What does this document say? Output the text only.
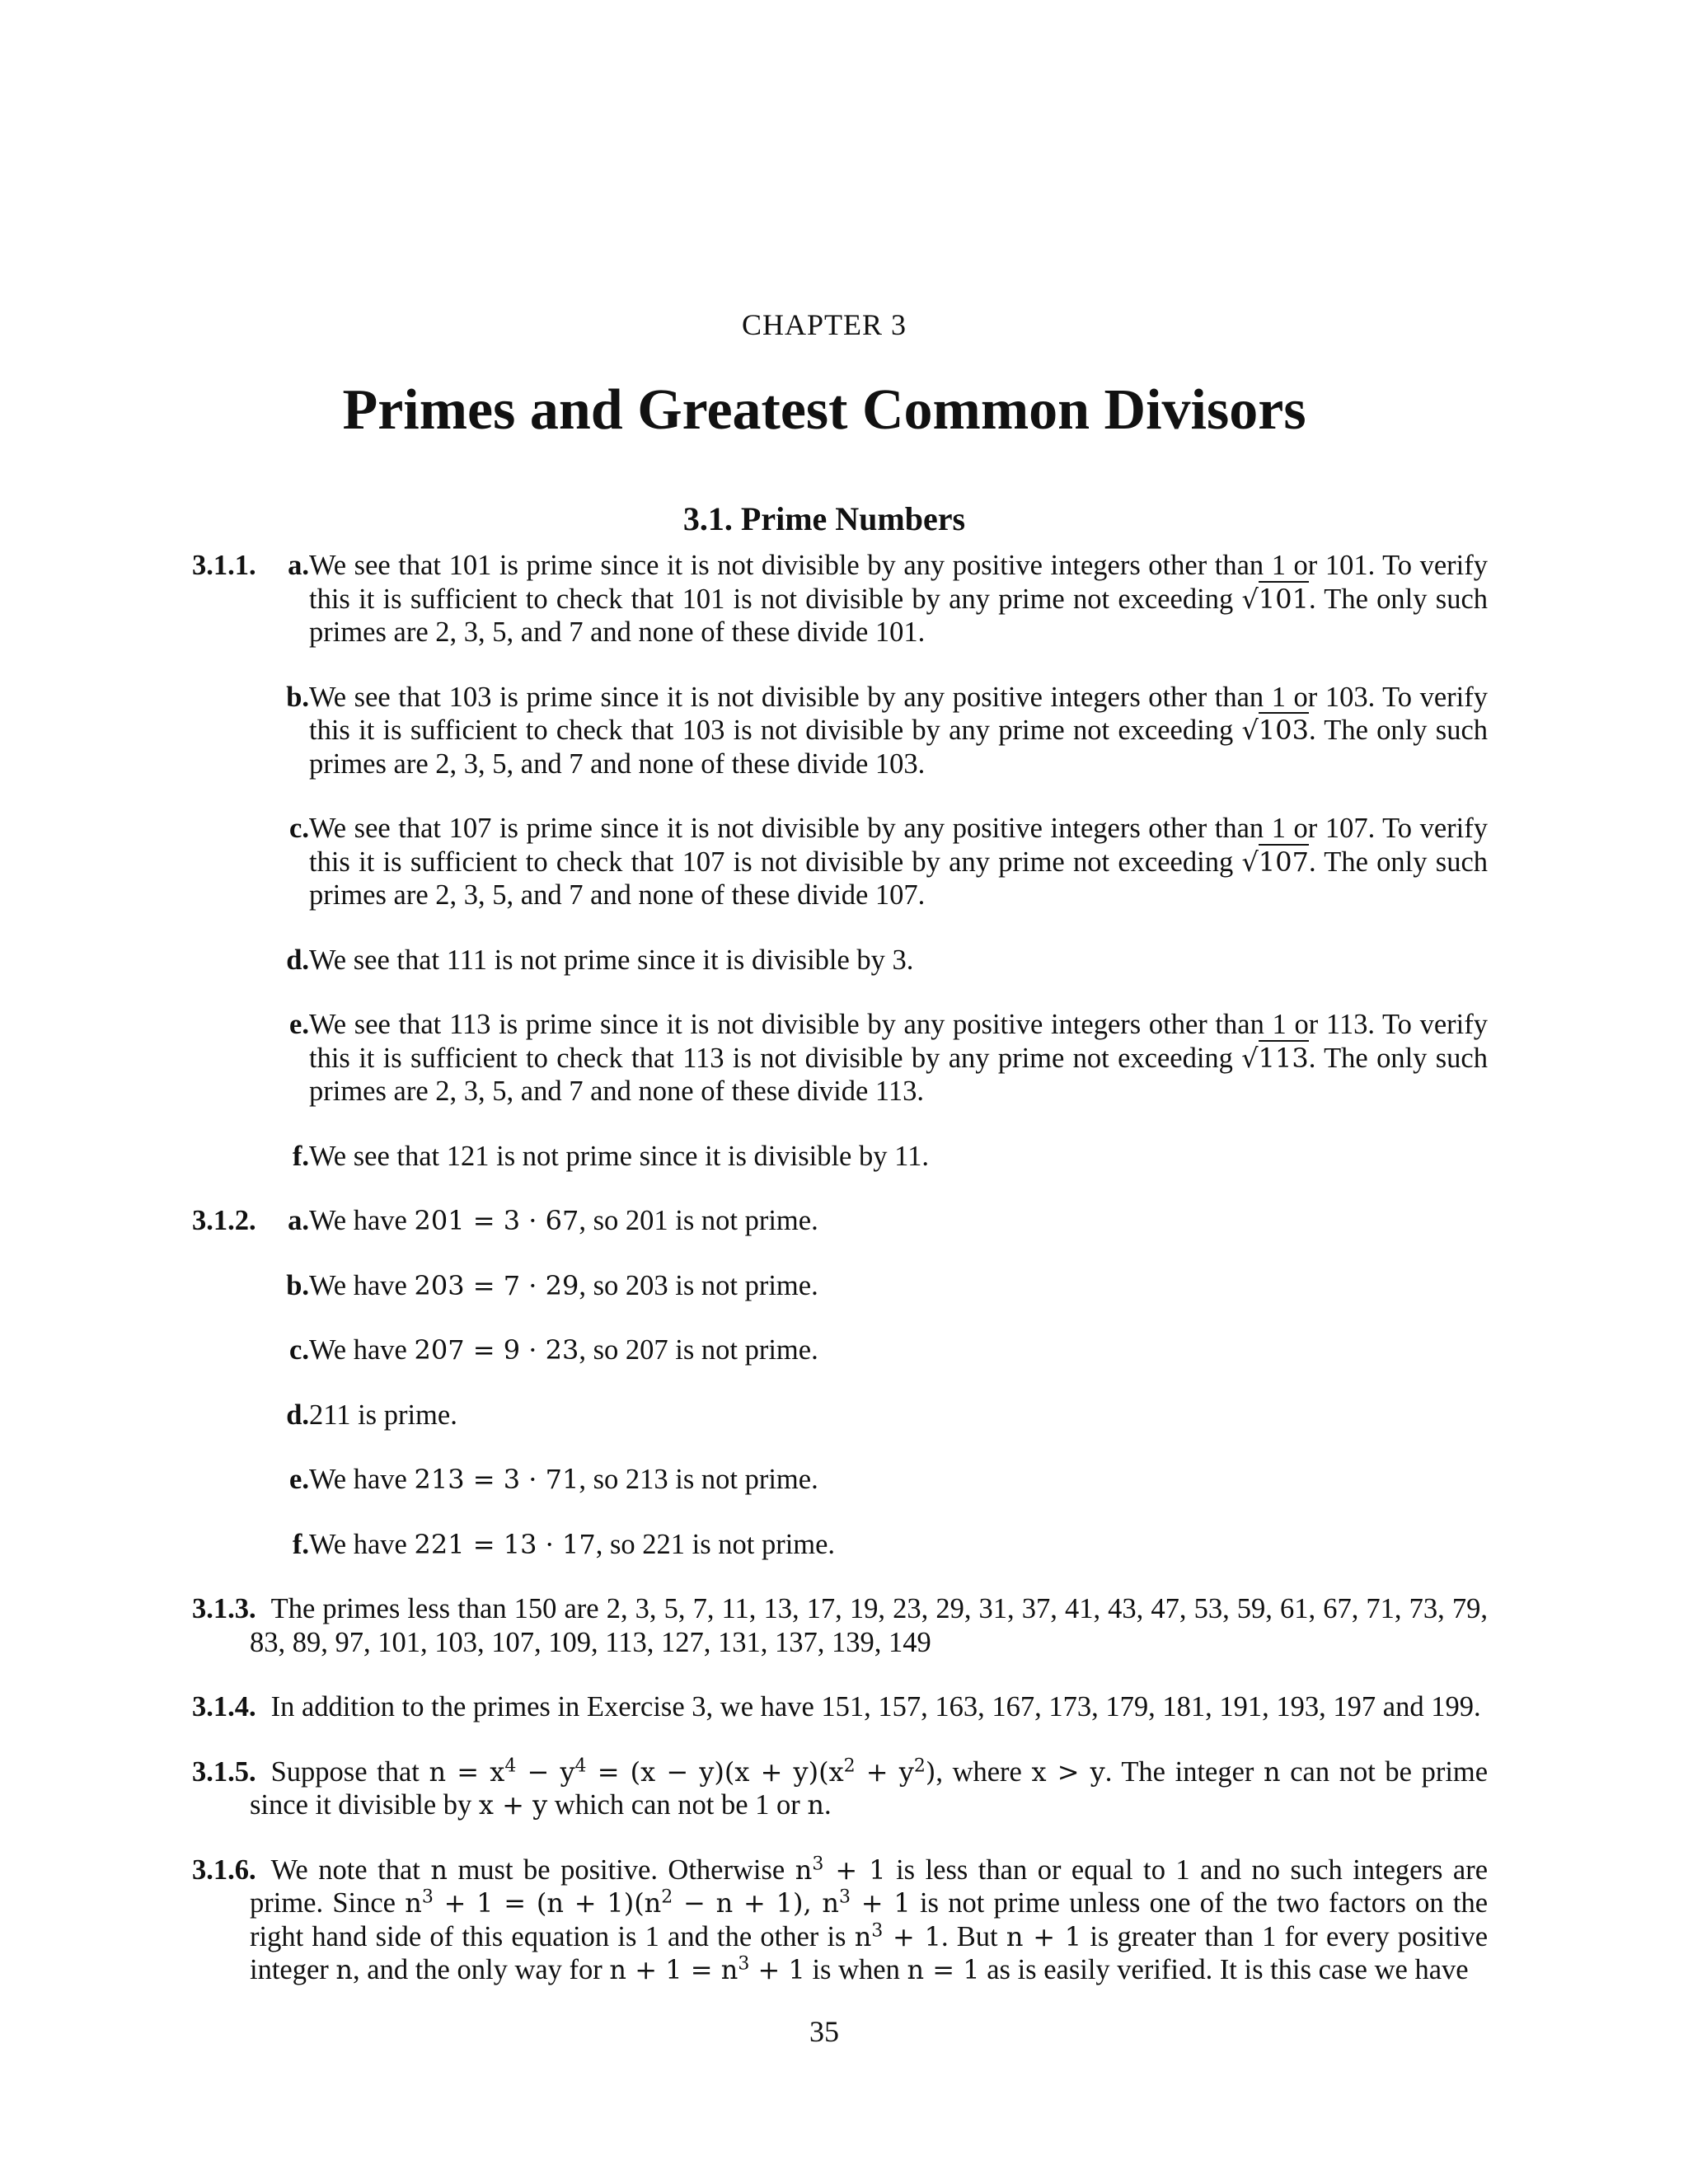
CHAPTER 3
Primes and Greatest Common Divisors
3.1. Prime Numbers
3.1.1.	a. We see that 101 is prime since it is not divisible by any positive integers other than 1 or 101. To verify this it is sufficient to check that 101 is not divisible by any prime not exceeding √101. The only such primes are 2, 3, 5, and 7 and none of these divide 101.
b. We see that 103 is prime since it is not divisible by any positive integers other than 1 or 103. To verify this it is sufficient to check that 103 is not divisible by any prime not exceeding √103. The only such primes are 2, 3, 5, and 7 and none of these divide 103.
c. We see that 107 is prime since it is not divisible by any positive integers other than 1 or 107. To verify this it is sufficient to check that 107 is not divisible by any prime not exceeding √107. The only such primes are 2, 3, 5, and 7 and none of these divide 107.
d. We see that 111 is not prime since it is divisible by 3.
e. We see that 113 is prime since it is not divisible by any positive integers other than 1 or 113. To verify this it is sufficient to check that 113 is not divisible by any prime not exceeding √113. The only such primes are 2, 3, 5, and 7 and none of these divide 113.
f. We see that 121 is not prime since it is divisible by 11.
3.1.2.	a. We have 201 = 3 · 67, so 201 is not prime.
b. We have 203 = 7 · 29, so 203 is not prime.
c. We have 207 = 9 · 23, so 207 is not prime.
d. 211 is prime.
e. We have 213 = 3 · 71, so 213 is not prime.
f. We have 221 = 13 · 17, so 221 is not prime.
3.1.3. The primes less than 150 are 2, 3, 5, 7, 11, 13, 17, 19, 23, 29, 31, 37, 41, 43, 47, 53, 59, 61, 67, 71, 73, 79, 83, 89, 97, 101, 103, 107, 109, 113, 127, 131, 137, 139, 149
3.1.4. In addition to the primes in Exercise 3, we have 151, 157, 163, 167, 173, 179, 181, 191, 193, 197 and 199.
3.1.5. Suppose that $n = x^4 - y^4 = (x - y)(x + y)(x^2 + y^2)$, where x > y. The integer n can not be prime since it divisible by x + y which can not be 1 or n.
3.1.6. We note that n must be positive. Otherwise $n^3 + 1$ is less than or equal to 1 and no such integers are prime. Since $n^3 + 1 = (n + 1)(n^2 - n + 1)$, $n^3 + 1$ is not prime unless one of the two factors on the right hand side of this equation is 1 and the other is $n^3 + 1$. But n + 1 is greater than 1 for every positive integer n, and the only way for $n + 1 = n^3 + 1$ is when n = 1 as is easily verified. It is this case we have
35
